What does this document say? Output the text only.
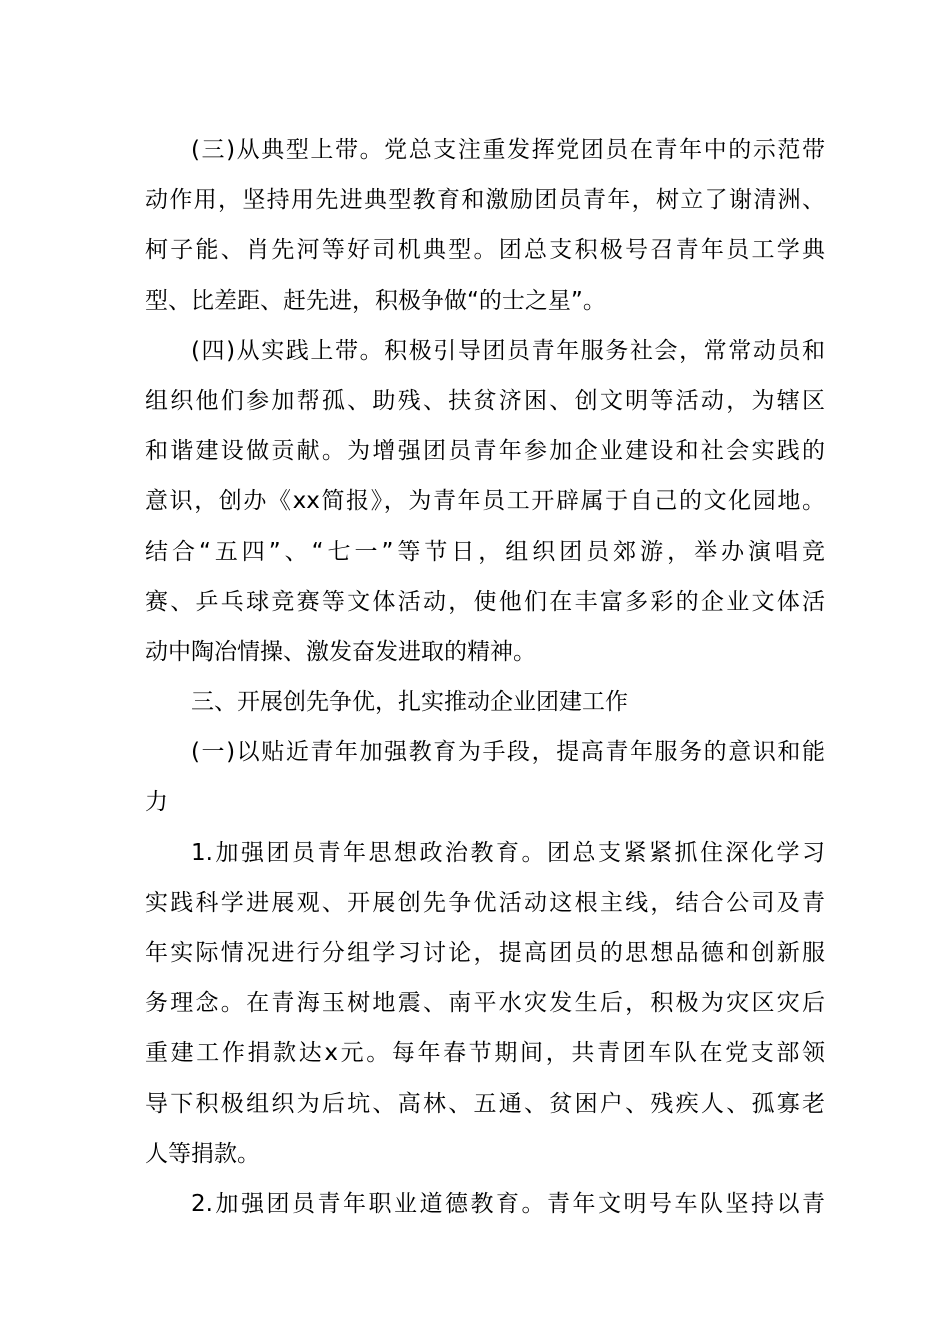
(三)从典型上带。党总支注重发挥党团员在青年中的示范带
动作用，坚持用先进典型教育和激励团员青年，树立了谢清洲、
柯子能、肖先河等好司机典型。团总支积极号召青年员工学典
型、比差距、赶先进，积极争做“的士之星”。
(四)从实践上带。积极引导团员青年服务社会，常常动员和
组织他们参加帮孤、助残、扶贫济困、创文明等活动，为辖区
和谐建设做贡献。为增强团员青年参加企业建设和社会实践的
意识，创办《xx简报》，为青年员工开辟属于自己的文化园地。
结合“五四”、“七一”等节日，组织团员郊游，举办演唱竞
赛、乒乓球竞赛等文体活动，使他们在丰富多彩的企业文体活
动中陶冶情操、激发奋发进取的精神。
三、开展创先争优，扎实推动企业团建工作
(一)以贴近青年加强教育为手段，提高青年服务的意识和能
力
1.加强团员青年思想政治教育。团总支紧紧抓住深化学习
实践科学进展观、开展创先争优活动这根主线，结合公司及青
年实际情况进行分组学习讨论，提高团员的思想品德和创新服
务理念。在青海玉树地震、南平水灾发生后，积极为灾区灾后
重建工作捐款达x元。每年春节期间，共青团车队在党支部领
导下积极组织为后坑、高林、五通、贫困户、残疾人、孤寡老
人等捐款。
2.加强团员青年职业道德教育。青年文明号车队坚持以青
